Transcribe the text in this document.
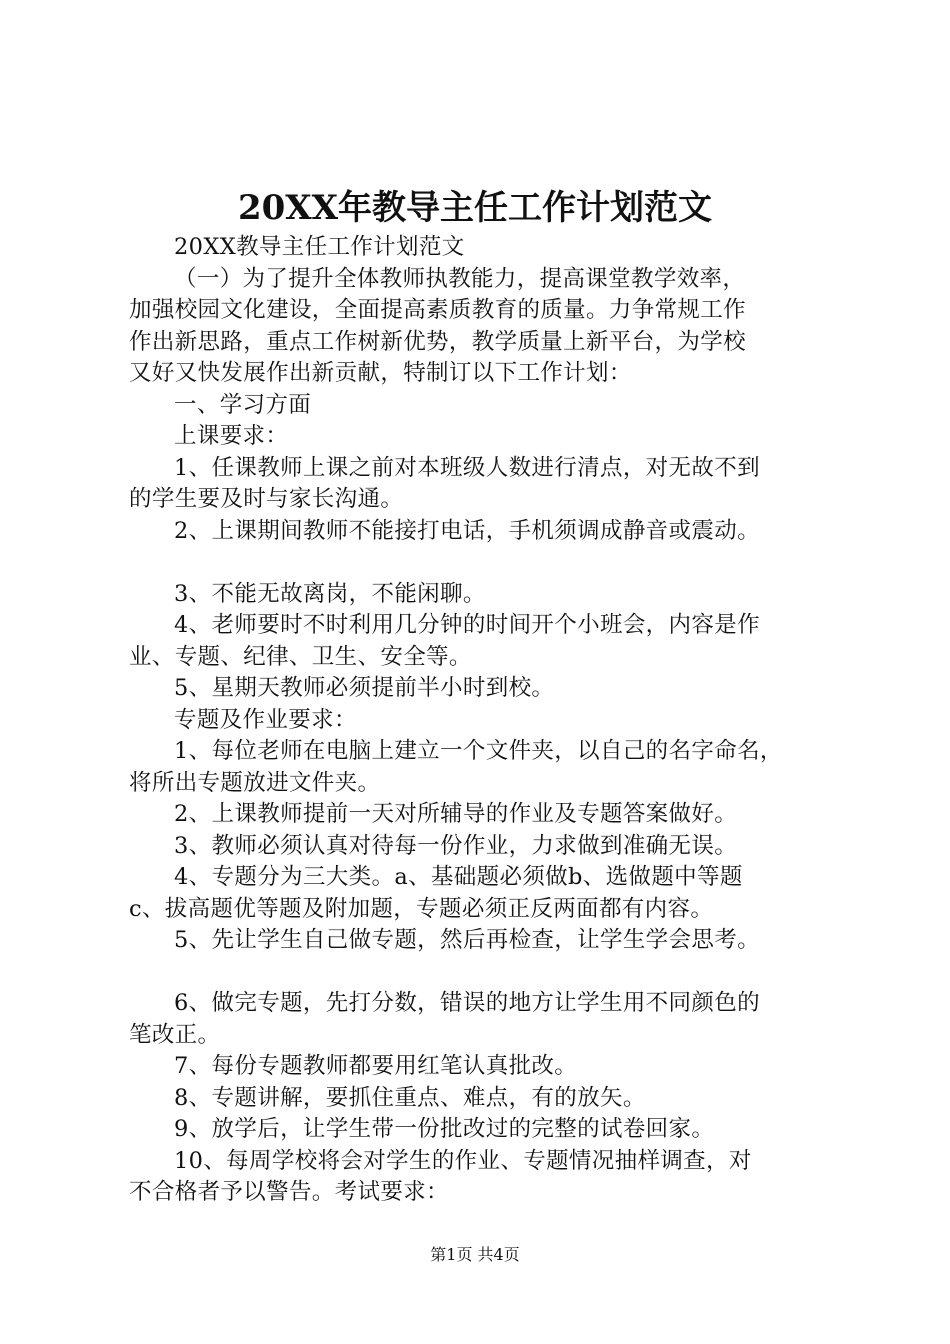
20XX年教导主任工作计划范文
20XX教导主任工作计划范文
（一）为了提升全体教师执教能力，提高课堂教学效率，
加强校园文化建设，全面提高素质教育的质量。力争常规工作
作出新思路，重点工作树新优势，教学质量上新平台，为学校
又好又快发展作出新贡献，特制订以下工作计划：
一、学习方面
上课要求：
1、任课教师上课之前对本班级人数进行清点，对无故不到
的学生要及时与家长沟通。
2、上课期间教师不能接打电话，手机须调成静音或震动。
3、不能无故离岗，不能闲聊。
4、老师要时不时利用几分钟的时间开个小班会，内容是作
业、专题、纪律、卫生、安全等。
5、星期天教师必须提前半小时到校。
专题及作业要求：
1、每位老师在电脑上建立一个文件夹，以自己的名字命名，
将所出专题放进文件夹。
2、上课教师提前一天对所辅导的作业及专题答案做好。
3、教师必须认真对待每一份作业，力求做到准确无误。
4、专题分为三大类。a、基础题必须做b、选做题中等题
c、拔高题优等题及附加题，专题必须正反两面都有内容。
5、先让学生自己做专题，然后再检查，让学生学会思考。
6、做完专题，先打分数，错误的地方让学生用不同颜色的
笔改正。
7、每份专题教师都要用红笔认真批改。
8、专题讲解，要抓住重点、难点，有的放矢。
9、放学后，让学生带一份批改过的完整的试卷回家。
10、每周学校将会对学生的作业、专题情况抽样调查，对
不合格者予以警告。考试要求：
第1页 共4页
